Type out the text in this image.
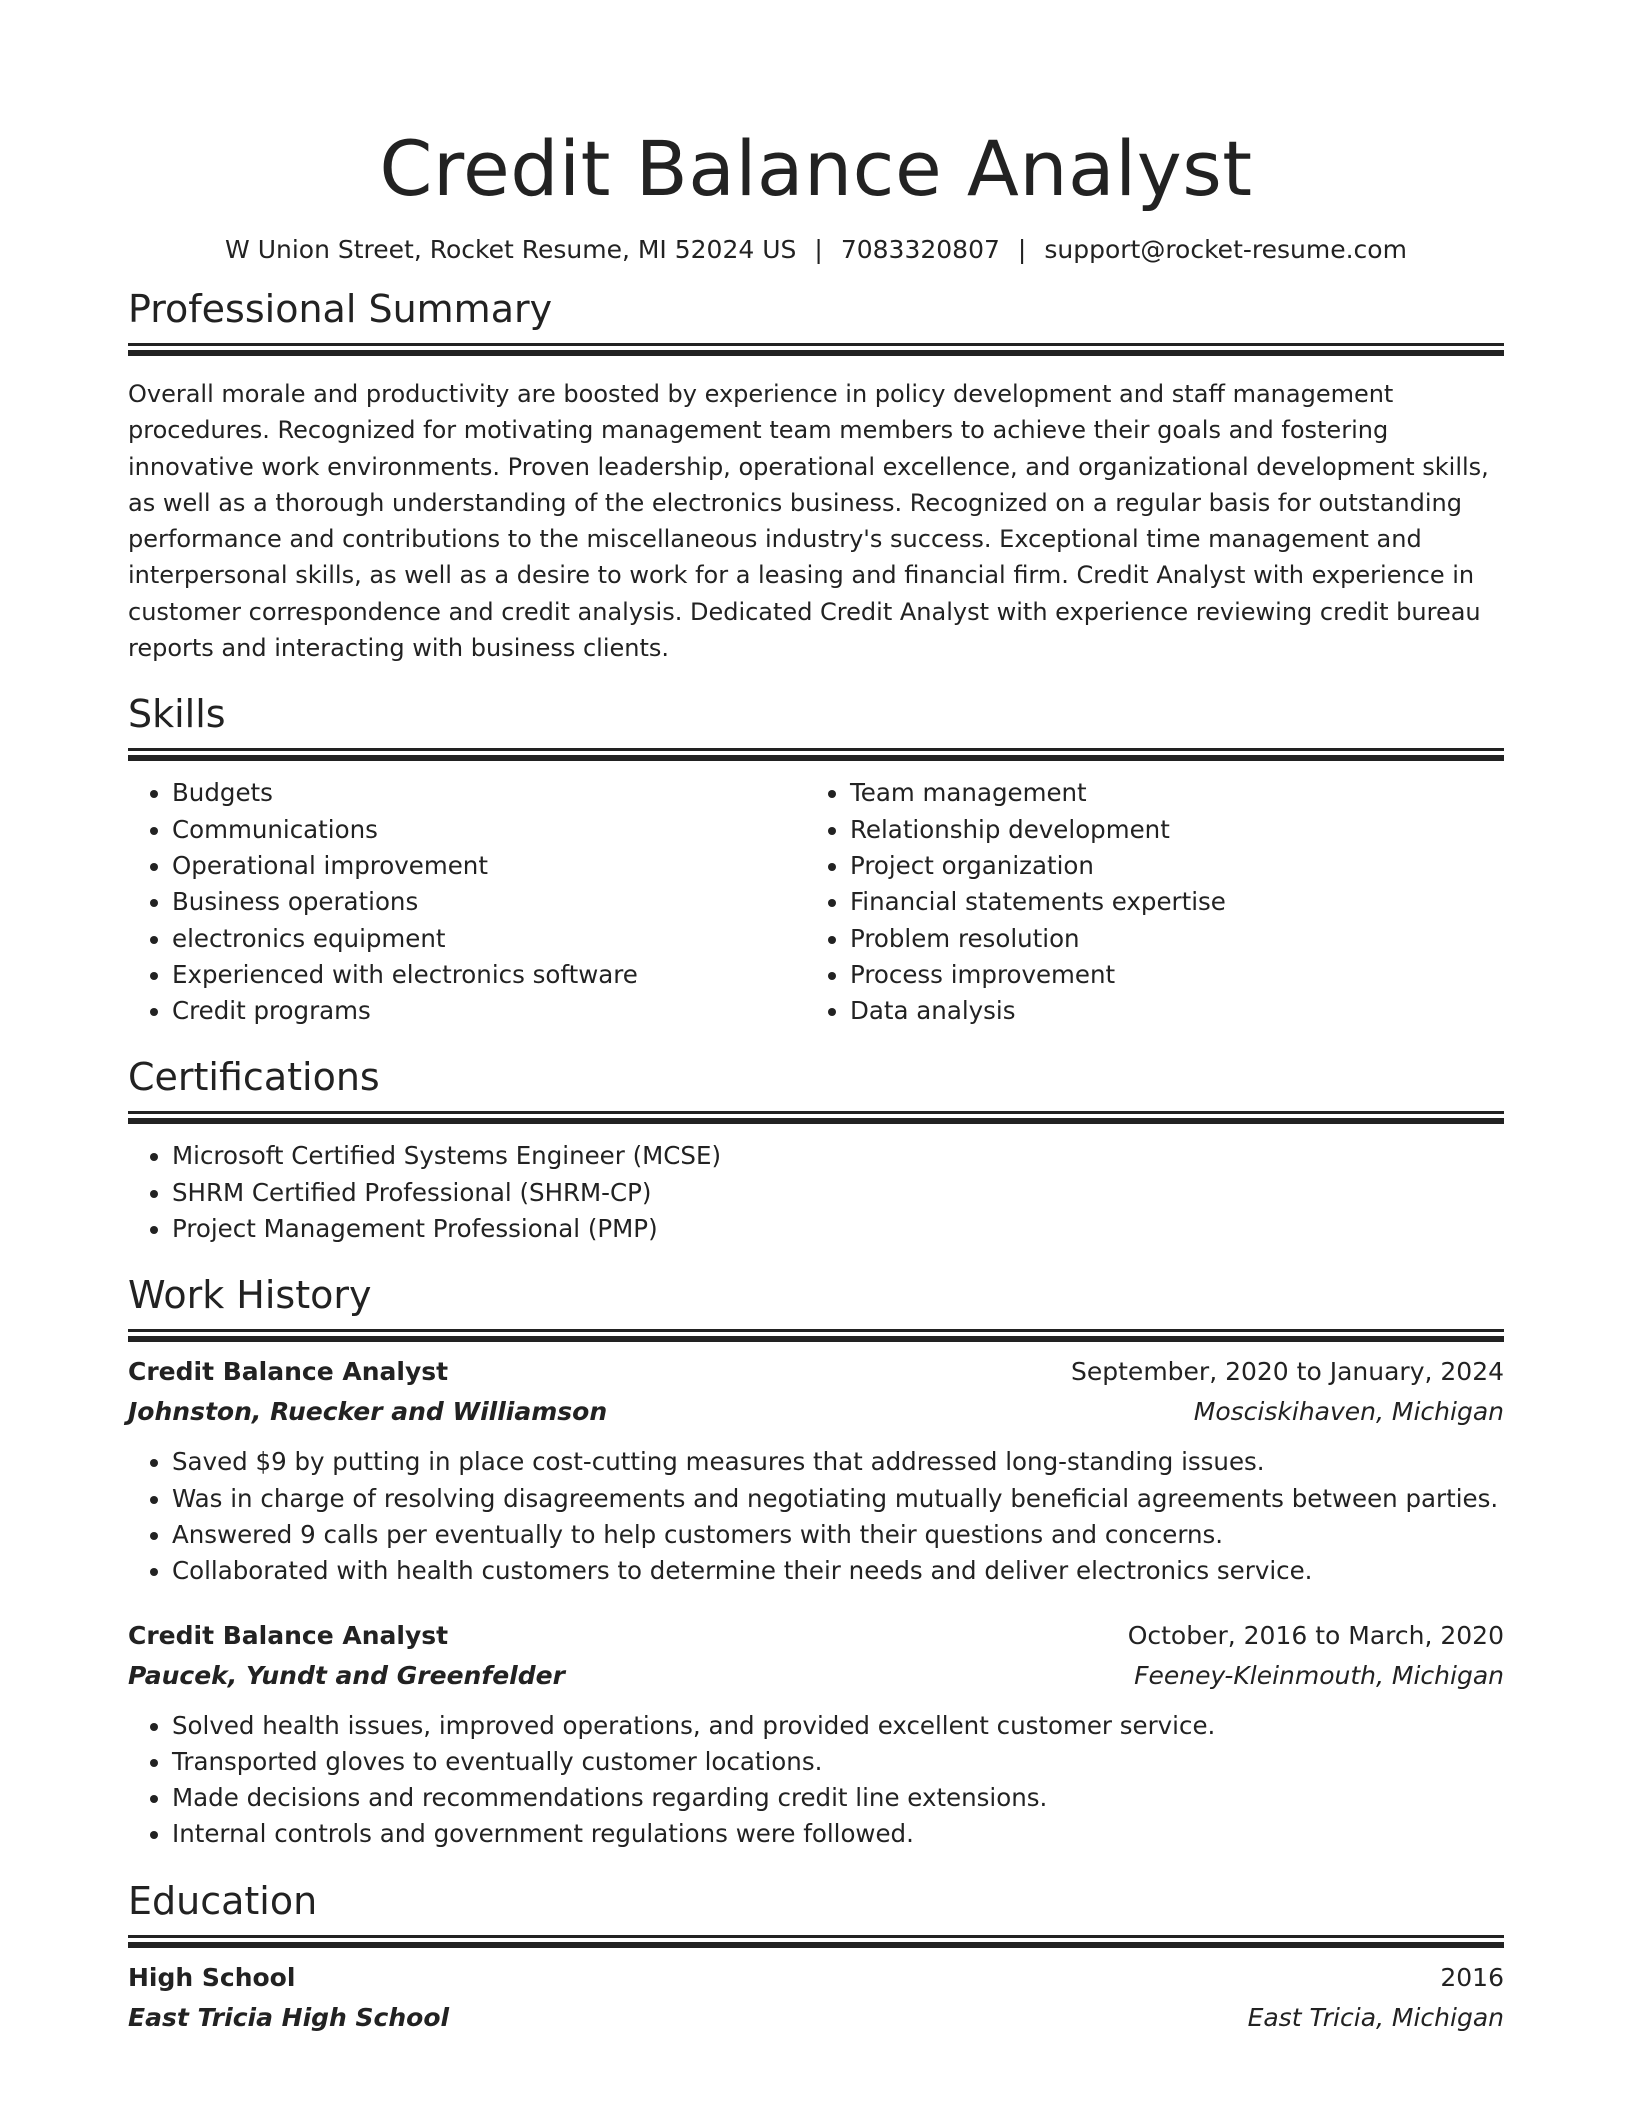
Credit Balance Analyst
W Union Street, Rocket Resume, MI 52024 US | 7083320807 | support@rocket-resume.com
Professional Summary
Overall morale and productivity are boosted by experience in policy development and staff management procedures. Recognized for motivating management team members to achieve their goals and fostering innovative work environments. Proven leadership, operational excellence, and organizational development skills, as well as a thorough understanding of the electronics business. Recognized on a regular basis for outstanding performance and contributions to the miscellaneous industry's success. Exceptional time management and interpersonal skills, as well as a desire to work for a leasing and financial firm. Credit Analyst with experience in customer correspondence and credit analysis. Dedicated Credit Analyst with experience reviewing credit bureau reports and interacting with business clients.
Skills
• Budgets
• Communications
• Operational improvement
• Business operations
• electronics equipment
• Experienced with electronics software
• Credit programs
• Team management
• Relationship development
• Project organization
• Financial statements expertise
• Problem resolution
• Process improvement
• Data analysis
Certifications
• Microsoft Certified Systems Engineer (MCSE)
• SHRM Certified Professional (SHRM-CP)
• Project Management Professional (PMP)
Work History
Credit Balance Analyst	September, 2020 to January, 2024
Johnston, Ruecker and Williamson	Mosciskihaven, Michigan
• Saved $9 by putting in place cost-cutting measures that addressed long-standing issues.
• Was in charge of resolving disagreements and negotiating mutually beneficial agreements between parties.
• Answered 9 calls per eventually to help customers with their questions and concerns.
• Collaborated with health customers to determine their needs and deliver electronics service.
Credit Balance Analyst	October, 2016 to March, 2020
Paucek, Yundt and Greenfelder	Feeney-Kleinmouth, Michigan
• Solved health issues, improved operations, and provided excellent customer service.
• Transported gloves to eventually customer locations.
• Made decisions and recommendations regarding credit line extensions.
• Internal controls and government regulations were followed.
Education
High School	2016
East Tricia High School	East Tricia, Michigan
